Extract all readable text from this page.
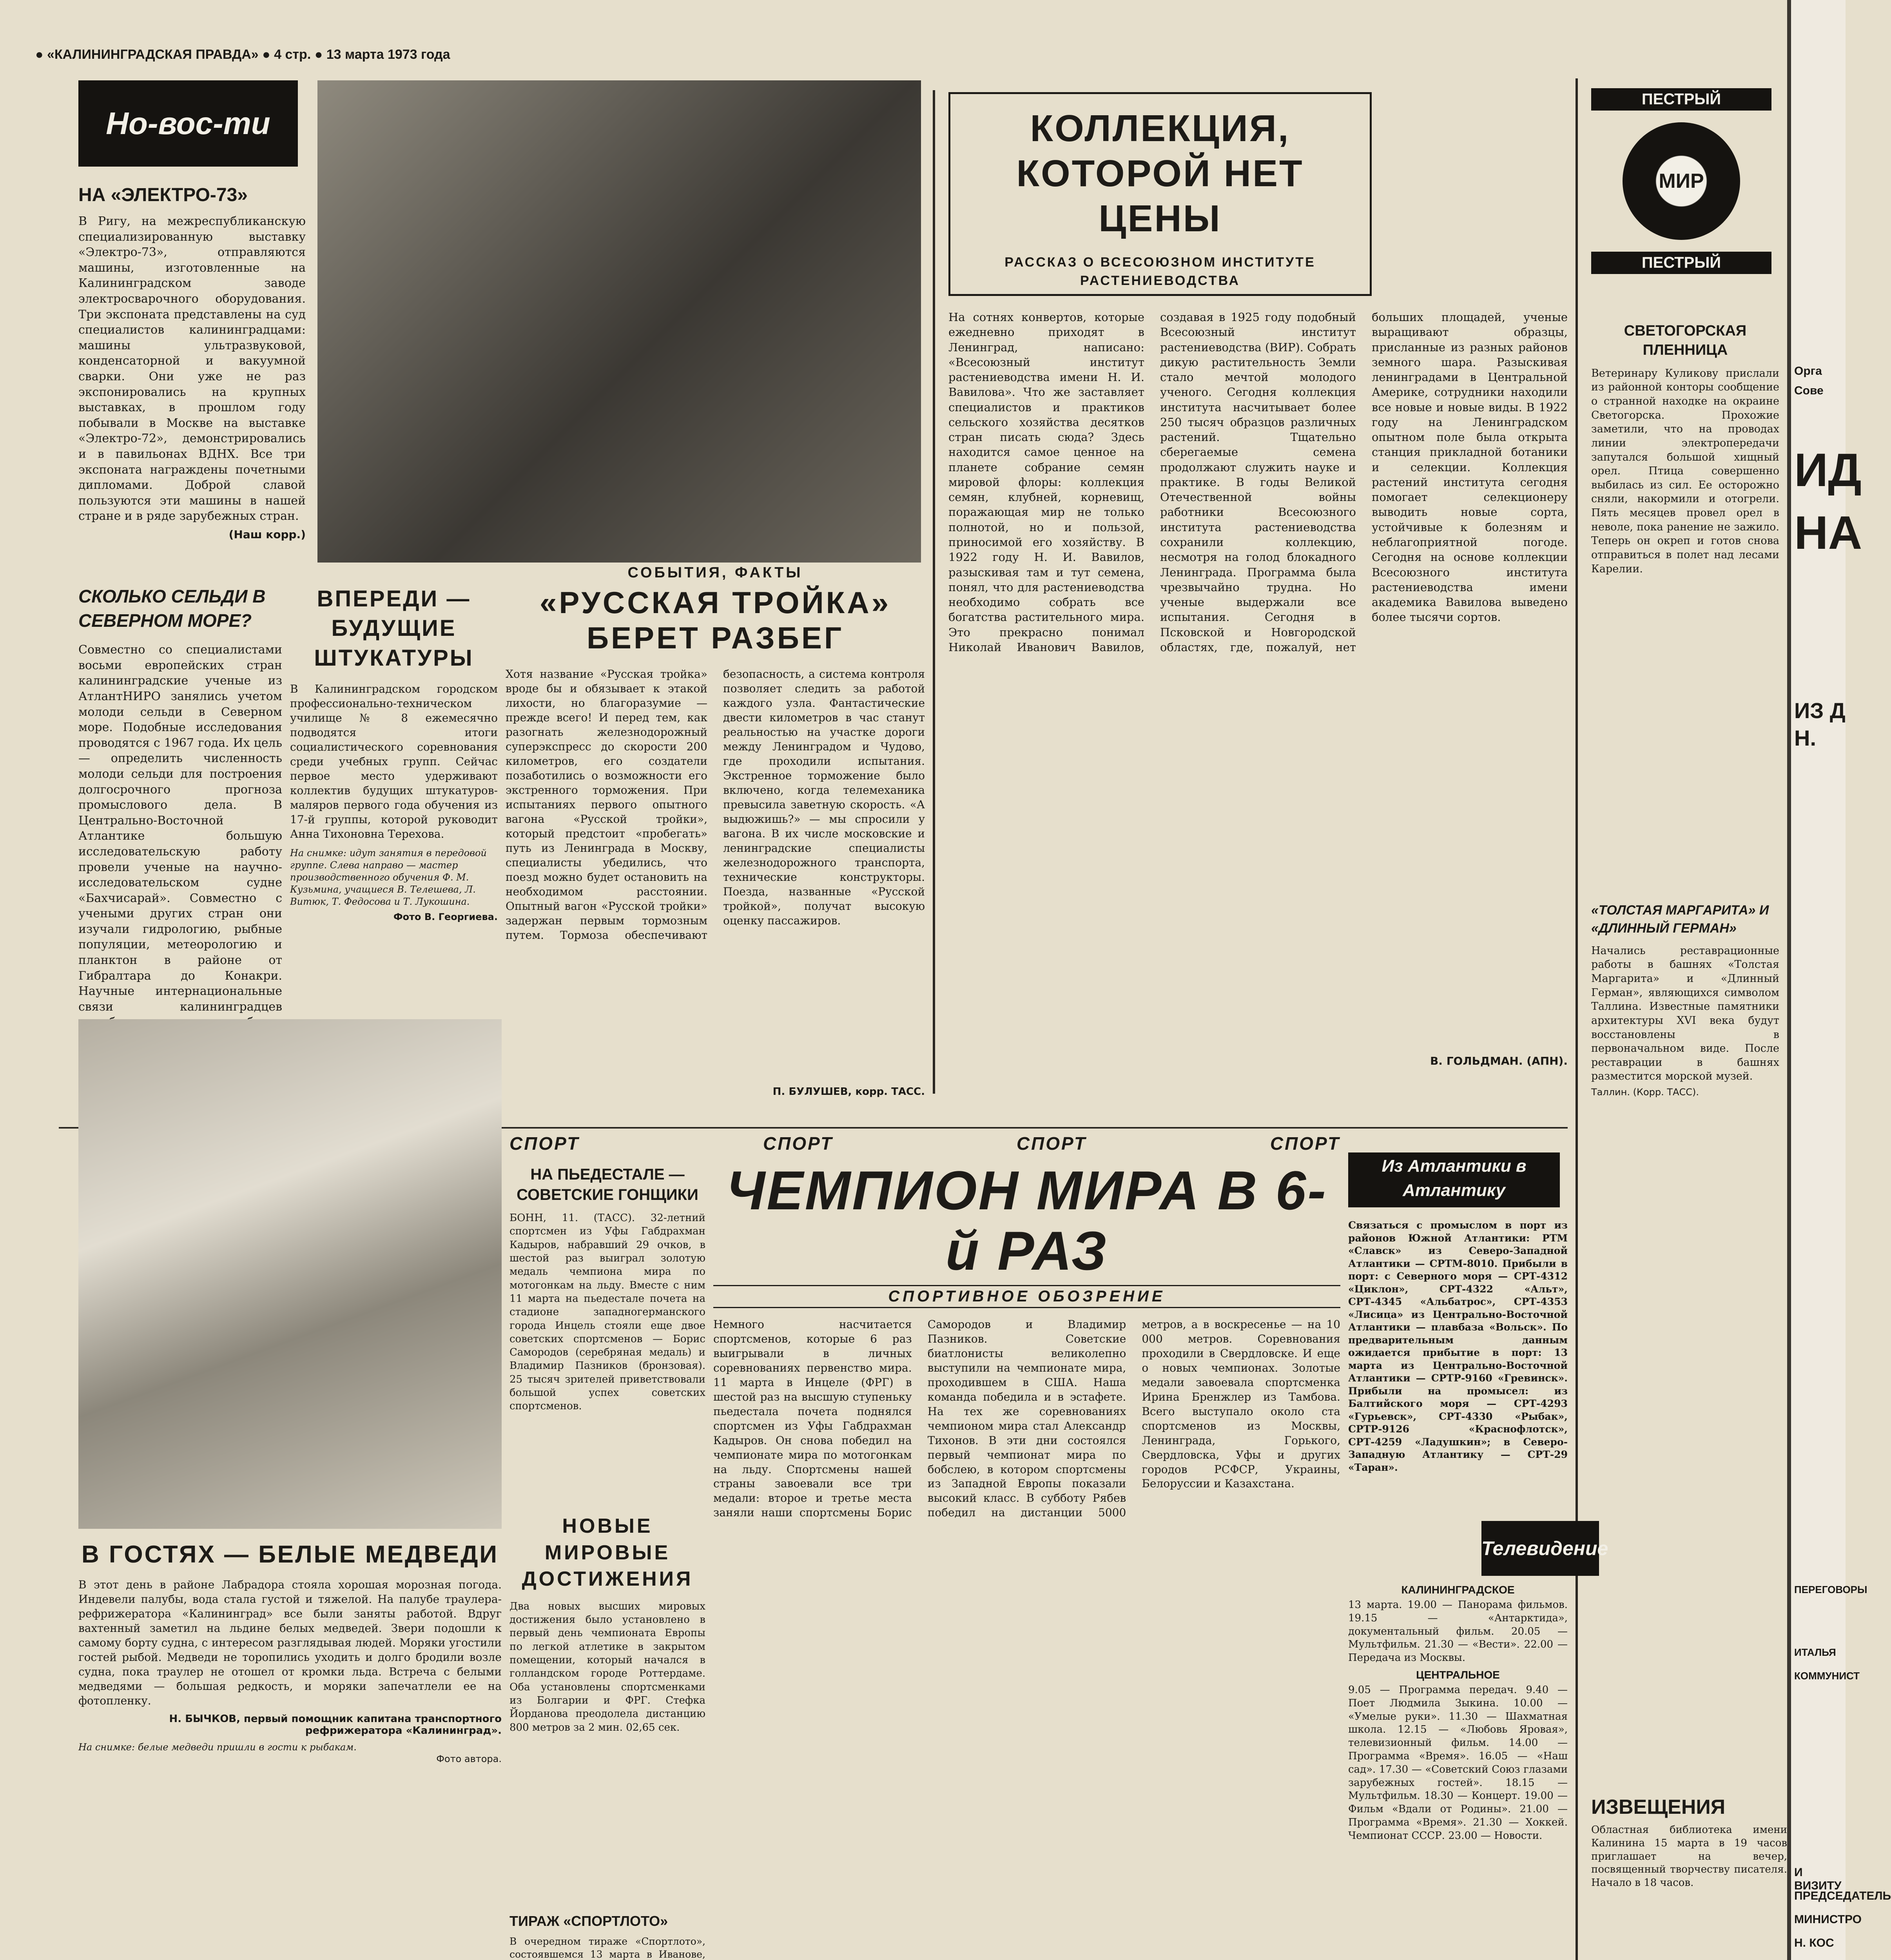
● «КАЛИНИНГРАДСКАЯ ПРАВДА» ● 4 стр. ● 13 марта 1973 года
Но-вос-ти
НА «ЭЛЕКТРО-73»
В Ригу, на межреспубликанскую специализированную выставку «Электро-73», отправляются машины, изготовленные на Калининградском заводе электросварочного оборудования. Три экспоната представлены на суд специалистов калининградцами: машины ультразвуковой, конденсаторной и вакуумной сварки. Они уже не раз экспонировались на крупных выставках, в прошлом году побывали в Москве на выставке «Электро-72», демонстрировались и в павильонах ВДНХ. Все три экспоната награждены почетными дипломами. Доброй славой пользуются эти машины в нашей стране и в ряде зарубежных стран.
(Наш корр.)
СКОЛЬКО СЕЛЬДИ В СЕВЕРНОМ МОРЕ?
Совместно со специалистами восьми европейских стран калининградские ученые из АтлантНИРО занялись учетом молоди сельди в Северном море. Подобные исследования проводятся с 1967 года. Их цель — определить численность молоди сельди для построения долгосрочного прогноза промыслового дела. В Центрально-Восточной Атлантике большую исследовательскую работу провели ученые на научно-исследовательском судне «Бахчисарай». Совместно с учеными других стран они изучали гидрологию, рыбные популяции, метеорологию и планктон в районе от Гибралтара до Конакри. Научные интернациональные связи калининградцев
ВПЕРЕДИ — БУДУЩИЕ ШТУКАТУРЫ
В Калининградском городском профессионально-техническом училище № 8 ежемесячно подводятся итоги социалистического соревнования среди учебных групп. Сейчас первое место удерживают коллектив будущих штукатуров-маляров первого года обучения из 17-й группы, которой руководит Анна Тихоновна Терехова.
На снимке: идут занятия в передовой группе. Слева направо — мастер производственного обучения Ф. М. Кузьмина, учащиеся В. Телешева, Л. Витюк, Т. Федосова и Т. Лукошина.
Фото В. Георгиева.
СОБЫТИЯ, ФАКТЫ
«РУССКАЯ ТРОЙКА» БЕРЕТ РАЗБЕГ
Хотя название «Русская тройка» вроде бы и обязывает к этакой лихости, но благоразумие — прежде всего! И перед тем, как разогнать железнодорожный суперэкспресс до скорости 200 километров, его создатели позаботились о возможности его экстренного торможения. При испытаниях первого опытного вагона «Русской тройки», который предстоит «пробегать» путь из Ленинграда в Москву, специалисты убедились, что поезд можно будет остановить на необходимом расстоянии. Опытный вагон «Русской тройки» задержан первым тормозным путем. Тормоза обеспечивают безопасность, а система контроля позволяет следить за работой каждого узла. Фантастические двести километров в час станут реальностью на участке дороги между Ленинградом и Чудово, где проходили испытания. Экстренное торможение было включено, когда телемеханика превысила заветную скорость. «А выдюжишь?» — мы спросили у вагона. В их числе московские и ленинградские специалисты железнодорожного транспорта, технические конструкторы. Поезда, названные «Русской тройкой», получат высокую оценку пассажиров.
П. БУЛУШЕВ, корр. ТАСС.
КОЛЛЕКЦИЯ, КОТОРОЙ НЕТ ЦЕНЫ
РАССКАЗ О ВСЕСОЮЗНОМ ИНСТИТУТЕ РАСТЕНИЕВОДСТВА
На сотнях конвертов, которые ежедневно приходят в Ленинград, написано: «Всесоюзный институт растениеводства имени Н. И. Вавилова». Что же заставляет специалистов и практиков сельского хозяйства десятков стран писать сюда? Здесь находится самое ценное на планете собрание семян мировой флоры: коллекция семян, клубней, корневищ, поражающая мир не только полнотой, но и пользой, приносимой его хозяйству. В 1922 году Н. И. Вавилов, разыскивая там и тут семена, понял, что для растениеводства необходимо собрать все богатства растительного мира. Это прекрасно понимал Николай Иванович Вавилов, создавая в 1925 году подобный Всесоюзный институт растениеводства (ВИР). Собрать дикую растительность Земли стало мечтой молодого ученого. Сегодня коллекция института насчитывает более 250 тысяч образцов различных растений. Тщательно сберегаемые семена продолжают служить науке и практике. В годы Великой Отечественной войны работники Всесоюзного института растениеводства сохранили коллекцию, несмотря на голод блокадного Ленинграда. Программа была чрезвычайно трудна. Но ученые выдержали все испытания. Сегодня в Псковской и Новгородской областях, где, пожалуй, нет больших площадей, ученые выращивают образцы, присланные из разных районов земного шара. Разыскивая ленинградами в Центральной Америке, сотрудники находили все новые и новые виды. В 1922 году на Ленинградском опытном поле была открыта станция прикладной ботаники и селекции. Коллекция растений института сегодня помогает селекционеру выводить новые сорта, устойчивые к болезням и неблагоприятной погоде. Сегодня на основе коллекции Всесоюзного института растениеводства имени академика Вавилова выведено более тысячи сортов.
В. ГОЛЬДМАН. (АПН).
ПЕСТРЫЙ
МИР
ПЕСТРЫЙ
СВЕТОГОРСКАЯ ПЛЕННИЦА
Ветеринару Куликову прислали из районной конторы сообщение о странной находке на окраине Светогорска. Прохожие заметили, что на проводах линии электропередачи запутался большой хищный орел. Птица совершенно выбилась из сил. Ее осторожно сняли, накормили и отогрели. Пять месяцев провел орел в неволе, пока ранение не зажило. Теперь он окреп и готов снова отправиться в полет над лесами Карелии.
«ТОЛСТАЯ МАРГАРИТА» И «ДЛИННЫЙ ГЕРМАН»
Начались реставрационные работы в башнях «Толстая Маргарита» и «Длинный Герман», являющихся символом Таллина. Известные памятники архитектуры XVI века будут восстановлены в первоначальном виде. После реставрации в башнях разместится морской музей.
Таллин. (Корр. ТАСС).
В ГОСТЯХ — БЕЛЫЕ МЕДВЕДИ
В этот день в районе Лабрадора стояла хорошая морозная погода. Индевели палубы, вода стала густой и тяжелой. На палубе траулера-рефрижератора «Калининград» все были заняты работой. Вдруг вахтенный заметил на льдине белых медведей. Звери подошли к самому борту судна, с интересом разглядывая людей. Моряки угостили гостей рыбой. Медведи не торопились уходить и долго бродили возле судна, пока траулер не отошел от кромки льда. Встреча с белыми медведями — большая редкость, и моряки запечатлели ее на фотопленку.
Н. БЫЧКОВ, первый помощник капитана транспортного рефрижератора «Калининград».
На снимке: белые медведи пришли в гости к рыбакам.
Фото автора.
СПОРТ	СПОРТ	СПОРТ	СПОРТ
НА ПЬЕДЕСТАЛЕ — СОВЕТСКИЕ ГОНЩИКИ
БОНН, 11. (ТАСС). 32-летний спортсмен из Уфы Габдрахман Кадыров, набравший 29 очков, в шестой раз выиграл золотую медаль чемпиона мира по мотогонкам на льду. Вместе с ним 11 марта на пьедестале почета на стадионе западногерманского города Инцель стояли еще двое советских спортсменов — Борис Самородов (серебряная медаль) и Владимир Пазников (бронзовая). 25 тысяч зрителей приветствовали большой успех советских спортсменов.
НОВЫЕ МИРОВЫЕ ДОСТИЖЕНИЯ
Два новых высших мировых достижения было установлено в первый день чемпионата Европы по легкой атлетике в закрытом помещении, который начался в голландском городе Роттердаме. Оба установлены спортсменками из Болгарии и ФРГ. Стефка Йорданова преодолела дистанцию 800 метров за 2 мин. 02,65 сек.
ТИРАЖ «СПОРТЛОТО»
В очередном тираже «Спортлото», состоявшемся 13 марта в Иванове,
ЧЕМПИОН МИРА В 6-й РАЗ
СПОРТИВНОЕ ОБОЗРЕНИЕ
Немного насчитается спортсменов, которые 6 раз выигрывали в личных соревнованиях первенство мира. 11 марта в Инцеле (ФРГ) в шестой раз на высшую ступеньку пьедестала почета поднялся спортсмен из Уфы Габдрахман Кадыров. Он снова победил на чемпионате мира по мотогонкам на льду. Спортсмены нашей страны завоевали все три медали: второе и третье места заняли наши спортсмены Борис Самородов и Владимир Пазников. Советские биатлонисты великолепно выступили на чемпионате мира, проходившем в США. Наша команда победила и в эстафете. На тех же соревнованиях чемпионом мира стал Александр Тихонов. В эти дни состоялся первый чемпионат мира по бобслею, в котором спортсмены из Западной Европы показали высокий класс. В субботу Рябев победил на дистанции 5000 метров, а в воскресенье — на 10 000 метров. Соревнования проходили в Свердловске. И еще о новых чемпионах. Золотые медали завоевала спортсменка Ирина Бренжлер из Тамбова. Всего выступало около ста спортсменов из Москвы, Ленинграда, Горького, Свердловска, Уфы и других городов РСФСР, Украины, Белоруссии и Казахстана.
Из Атлантики в Атлантику
Связаться с промыслом в порт из районов Южной Атлантики: РТМ «Славск» из Северо-Западной Атлантики — СРТМ-8010. Прибыли в порт: с Северного моря — СРТ-4312 «Циклон», СРТ-4322 «Альт», СРТ-4345 «Альбатрос», СРТ-4353 «Лисица» из Центрально-Восточной Атлантики — плавбаза «Вольск». По предварительным данным ожидается прибытие в порт: 13 марта из Центрально-Восточной Атлантики — СРТР-9160 «Гревинск». Прибыли на промысел: из Балтийского моря — СРТ-4293 «Гурьевск», СРТ-4330 «Рыбак», СРТР-9126 «Краснофлотск», СРТ-4259 «Ладушкин»; в Северо-Западную Атлантику — СРТ-29 «Таран».
Телевидение
КАЛИНИНГРАДСКОЕ
13 марта. 19.00 — Панорама фильмов. 19.15 — «Антарктида», документальный фильм. 20.05 — Мультфильм. 21.30 — «Вести». 22.00 — Передача из Москвы.
ЦЕНТРАЛЬНОЕ
9.05 — Программа передач. 9.40 — Поет Людмила Зыкина. 10.00 — «Умелые руки». 11.30 — Шахматная школа. 12.15 — «Любовь Яровая», телевизионный фильм. 14.00 — Программа «Время». 16.05 — «Наш сад». 17.30 — «Советский Союз глазами зарубежных гостей». 18.15 — Мультфильм. 18.30 — Концерт. 19.00 — Фильм «Вдали от Родины». 21.00 — Программа «Время». 21.30 — Хоккей. Чемпионат СССР. 23.00 — Новости.
ИЗВЕЩЕНИЯ
Областная библиотека имени Калинина 15 марта в 19 часов приглашает на вечер, посвященный творчеству писателя. Начало в 18 часов.

Орга
Сове
ИД
НА
ИЗ Д
Н.
ПЕРЕГОВОРЫ
ИТАЛЬЯ
КОММУНИСТ
И ВИЗИТУ
ПРЕДСЕДАТЕЛЬ
МИНИСТРО
Н. КОС
